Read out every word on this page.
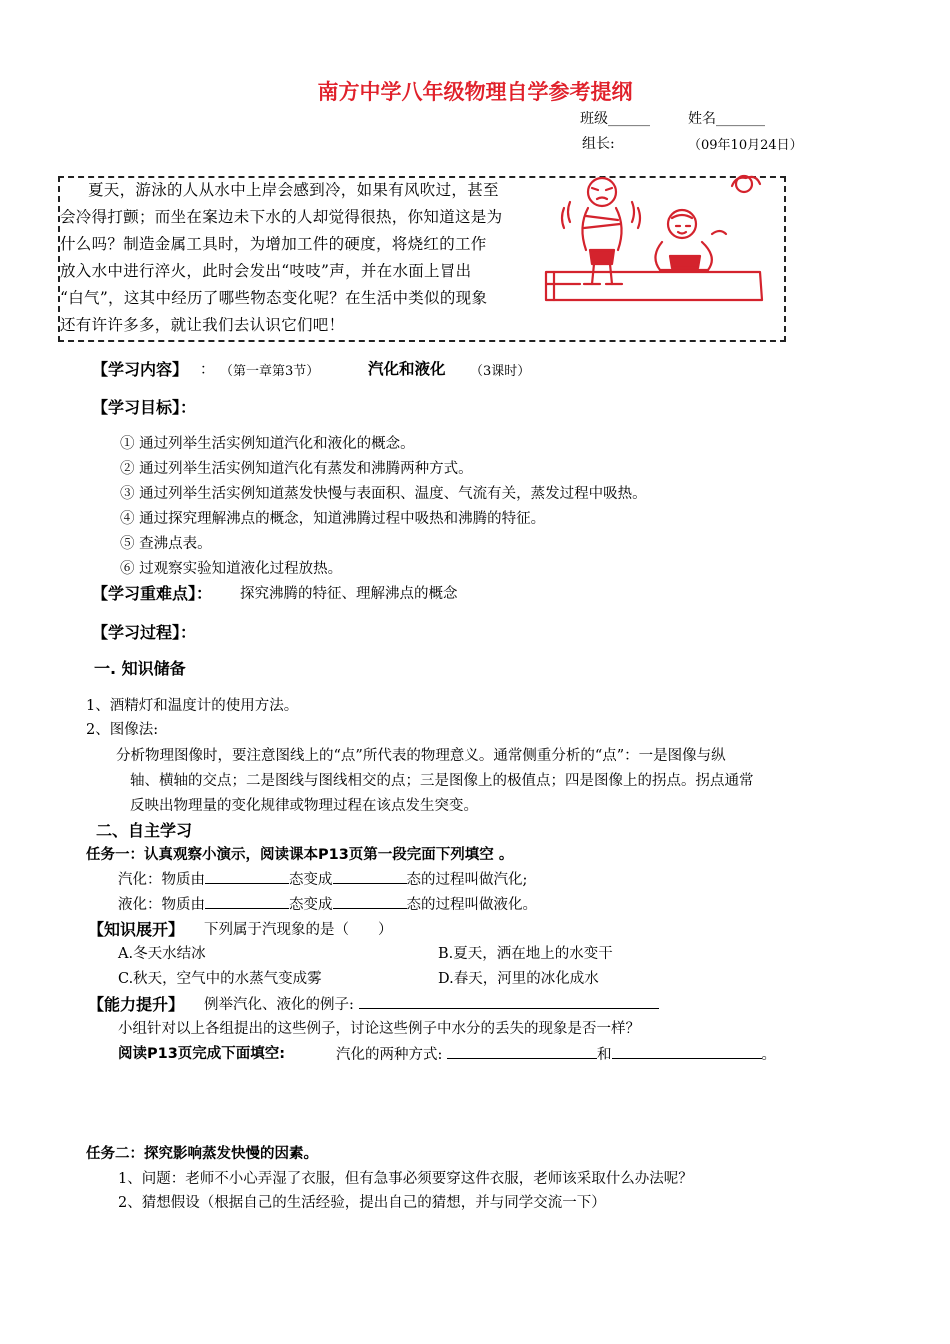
南方中学八年级物理自学参考提纲
班级______	姓名_______
组长:	（09年10月24日）
夏天，游泳的人从水中上岸会感到冷，如果有风吹过，甚至
会冷得打颤；而坐在案边未下水的人却觉得很热，你知道这是为
什么吗？制造金属工具时，为增加工件的硬度，将烧红的工作
放入水中进行淬火，此时会发出“吱吱”声，并在水面上冒出
“白气”，这其中经历了哪些物态变化呢？在生活中类似的现象
还有许许多多，就让我们去认识它们吧！
【学习内容】 ： （第一章第3节）	汽化和液化 （3课时）
【学习目标】：
① 通过列举生活实例知道汽化和液化的概念。
② 通过列举生活实例知道汽化有蒸发和沸腾两种方式。
③ 通过列举生活实例知道蒸发快慢与表面积、温度、气流有关，蒸发过程中吸热。
④ 通过探究理解沸点的概念，知道沸腾过程中吸热和沸腾的特征。
⑤ 查沸点表。
⑥ 过观察实验知道液化过程放热。
【学习重难点】： 探究沸腾的特征、理解沸点的概念
【学习过程】：
一. 知识储备
1、酒精灯和温度计的使用方法。
2、图像法:
分析物理图像时，要注意图线上的“点”所代表的物理意义。通常侧重分析的“点”：一是图像与纵
轴、横轴的交点；二是图线与图线相交的点；三是图像上的极值点；四是图像上的拐点。拐点通常
反映出物理量的变化规律或物理过程在该点发生突变。
二、自主学习
任务一：认真观察小演示，阅读课本P13页第一段完面下列填空 。
汽化：物质由	态变成	态的过程叫做汽化;
液化：物质由	态变成	态的过程叫做液化。
【知识展开】 下列属于汽现象的是（　　）
A.冬天水结冰	B.夏天，洒在地上的水变干
C.秋天，空气中的水蒸气变成雾	D.春天，河里的冰化成水
【能力提升】 例举汽化、液化的例子:
小组针对以上各组提出的这些例子，讨论这些例子中水分的丢失的现象是否一样？
阅读P13页完成下面填空:	汽化的两种方式:	和	。
任务二：探究影响蒸发快慢的因素。
1、问题：老师不小心弄湿了衣服，但有急事必须要穿这件衣服，老师该采取什么办法呢？
2、猜想假设（根据自己的生活经验，提出自己的猜想，并与同学交流一下）
